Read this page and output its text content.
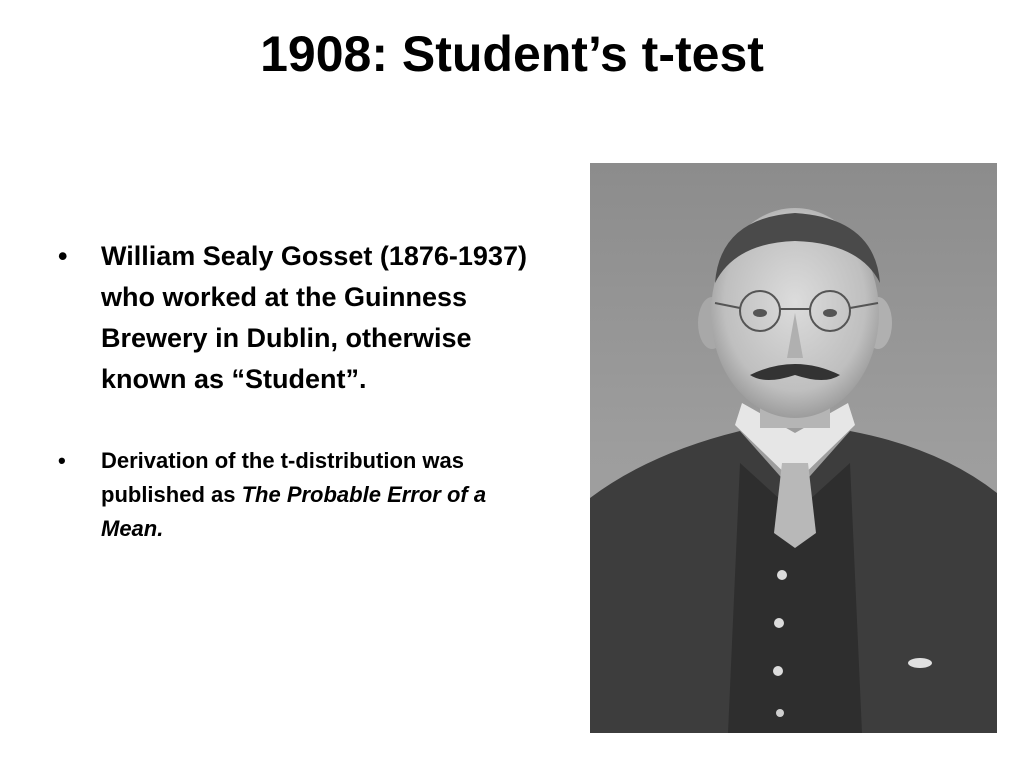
1908: Student’s t-test
• William Sealy Gosset (1876-1937) who worked at the Guinness Brewery in Dublin, otherwise known as “Student”.
• Derivation of the t-distribution was published as The Probable Error of a Mean.
